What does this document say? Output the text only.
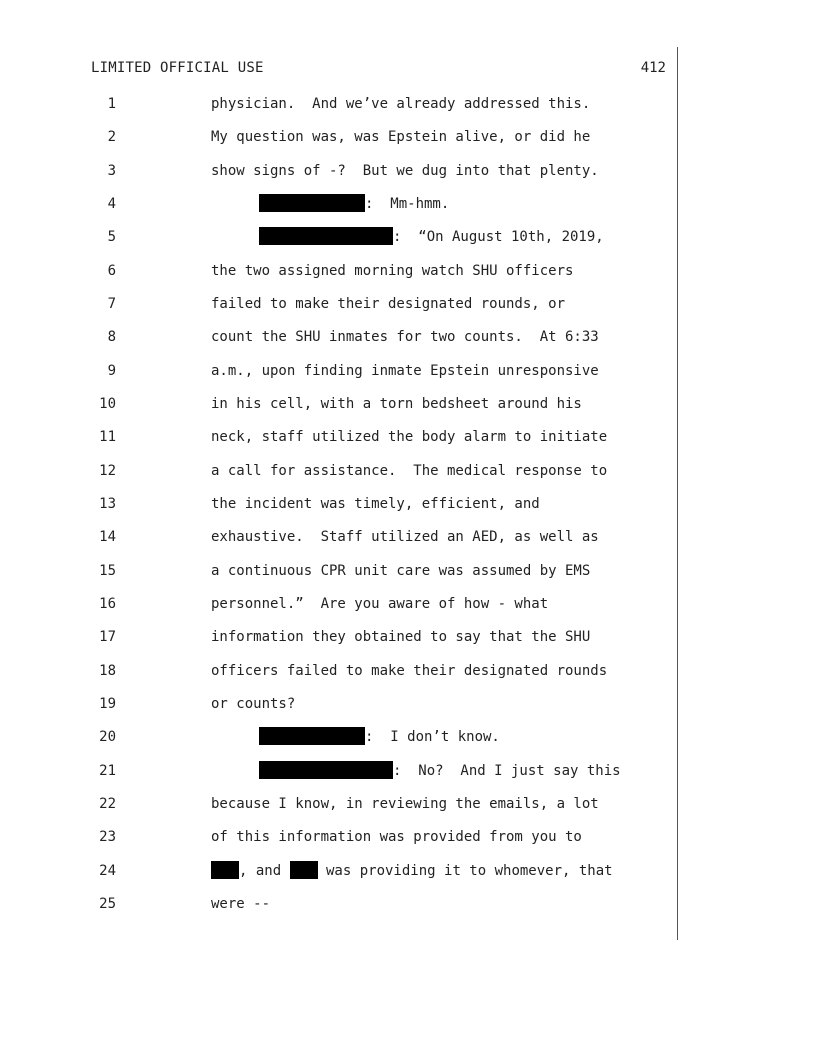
LIMITED OFFICIAL USE	412
1	physician.  And we’ve already addressed this.
2	My question was, was Epstein alive, or did he
3	show signs of -?  But we dug into that plenty.
4	:  Mm-hmm.
5	:  “On August 10th, 2019,
6	the two assigned morning watch SHU officers
7	failed to make their designated rounds, or
8	count the SHU inmates for two counts.  At 6:33
9	a.m., upon finding inmate Epstein unresponsive
10	in his cell, with a torn bedsheet around his
11	neck, staff utilized the body alarm to initiate
12	a call for assistance.  The medical response to
13	the incident was timely, efficient, and
14	exhaustive.  Staff utilized an AED, as well as
15	a continuous CPR unit care was assumed by EMS
16	personnel.”  Are you aware of how - what
17	information they obtained to say that the SHU
18	officers failed to make their designated rounds
19	or counts?
20	:  I don’t know.
21	:  No?  And I just say this
22	because I know, in reviewing the emails, a lot
23	of this information was provided from you to
24	, and  was providing it to whomever, that
25	were --
